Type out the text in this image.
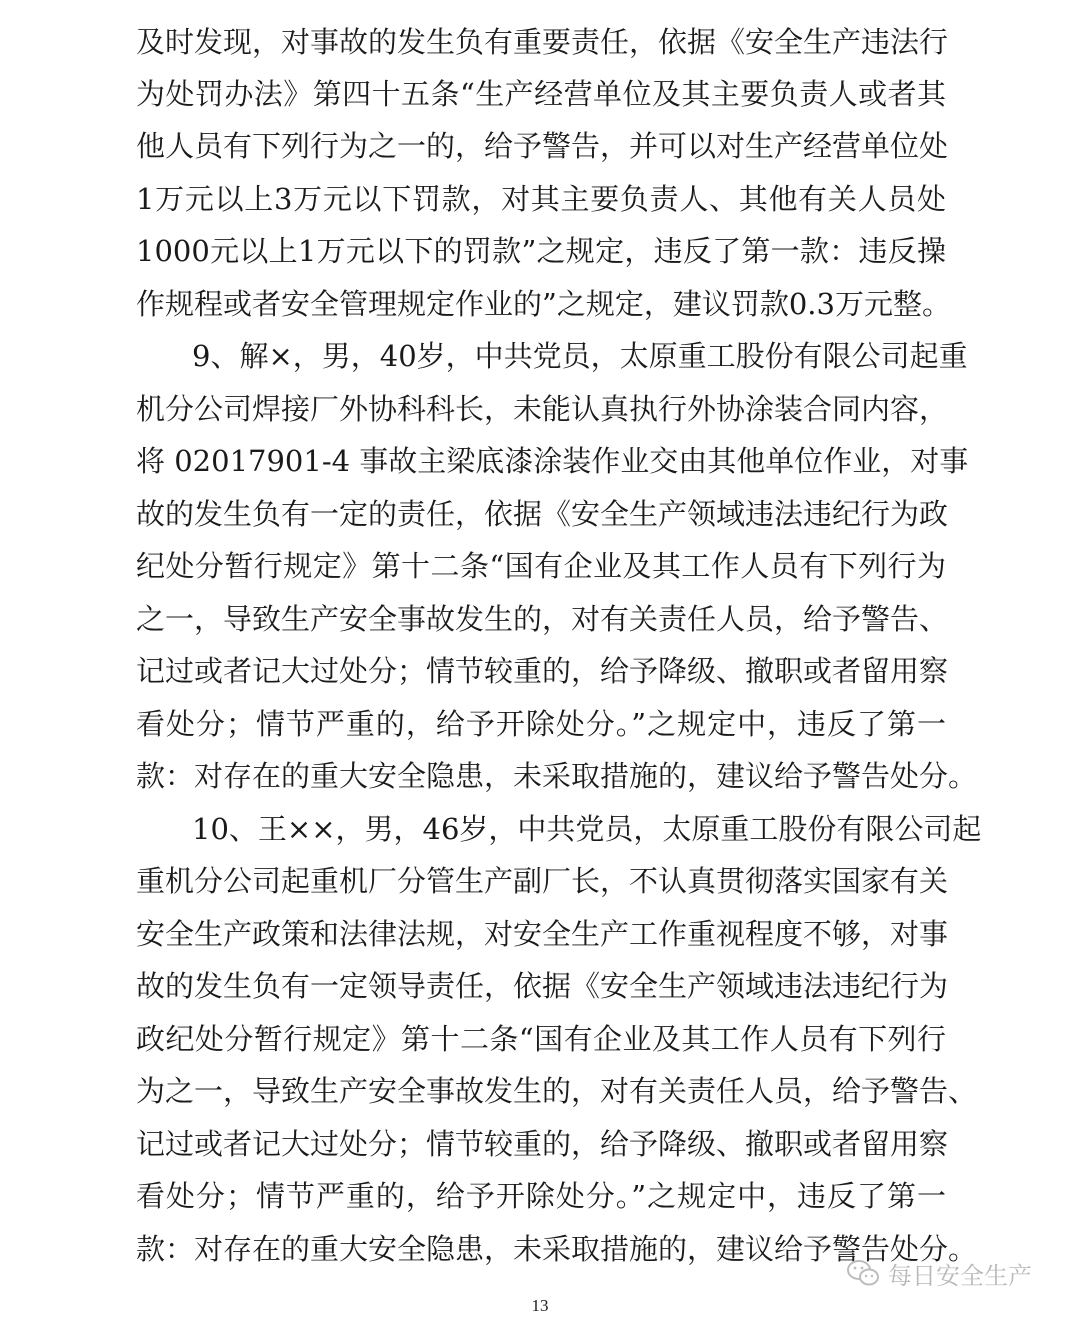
及时发现，对事故的发生负有重要责任，依据《安全生产违法行
为处罚办法》第四十五条“生产经营单位及其主要负责人或者其
他人员有下列行为之一的，给予警告，并可以对生产经营单位处
1万元以上3万元以下罚款，对其主要负责人、其他有关人员处
1000元以上1万元以下的罚款”之规定，违反了第一款：违反操
作规程或者安全管理规定作业的”之规定，建议罚款0.3万元整。
9、解×，男，40岁，中共党员，太原重工股份有限公司起重
机分公司焊接厂外协科科长，未能认真执行外协涂装合同内容，
将 02017901-4 事故主梁底漆涂装作业交由其他单位作业，对事
故的发生负有一定的责任，依据《安全生产领域违法违纪行为政
纪处分暂行规定》第十二条“国有企业及其工作人员有下列行为
之一，导致生产安全事故发生的，对有关责任人员，给予警告、
记过或者记大过处分；情节较重的，给予降级、撤职或者留用察
看处分；情节严重的，给予开除处分。”之规定中，违反了第一
款：对存在的重大安全隐患，未采取措施的，建议给予警告处分。
10、王××，男，46岁，中共党员，太原重工股份有限公司起
重机分公司起重机厂分管生产副厂长，不认真贯彻落实国家有关
安全生产政策和法律法规，对安全生产工作重视程度不够，对事
故的发生负有一定领导责任，依据《安全生产领域违法违纪行为
政纪处分暂行规定》第十二条“国有企业及其工作人员有下列行
为之一，导致生产安全事故发生的，对有关责任人员，给予警告、
记过或者记大过处分；情节较重的，给予降级、撤职或者留用察
看处分；情节严重的，给予开除处分。”之规定中，违反了第一
款：对存在的重大安全隐患，未采取措施的，建议给予警告处分。
13
每日安全生产
